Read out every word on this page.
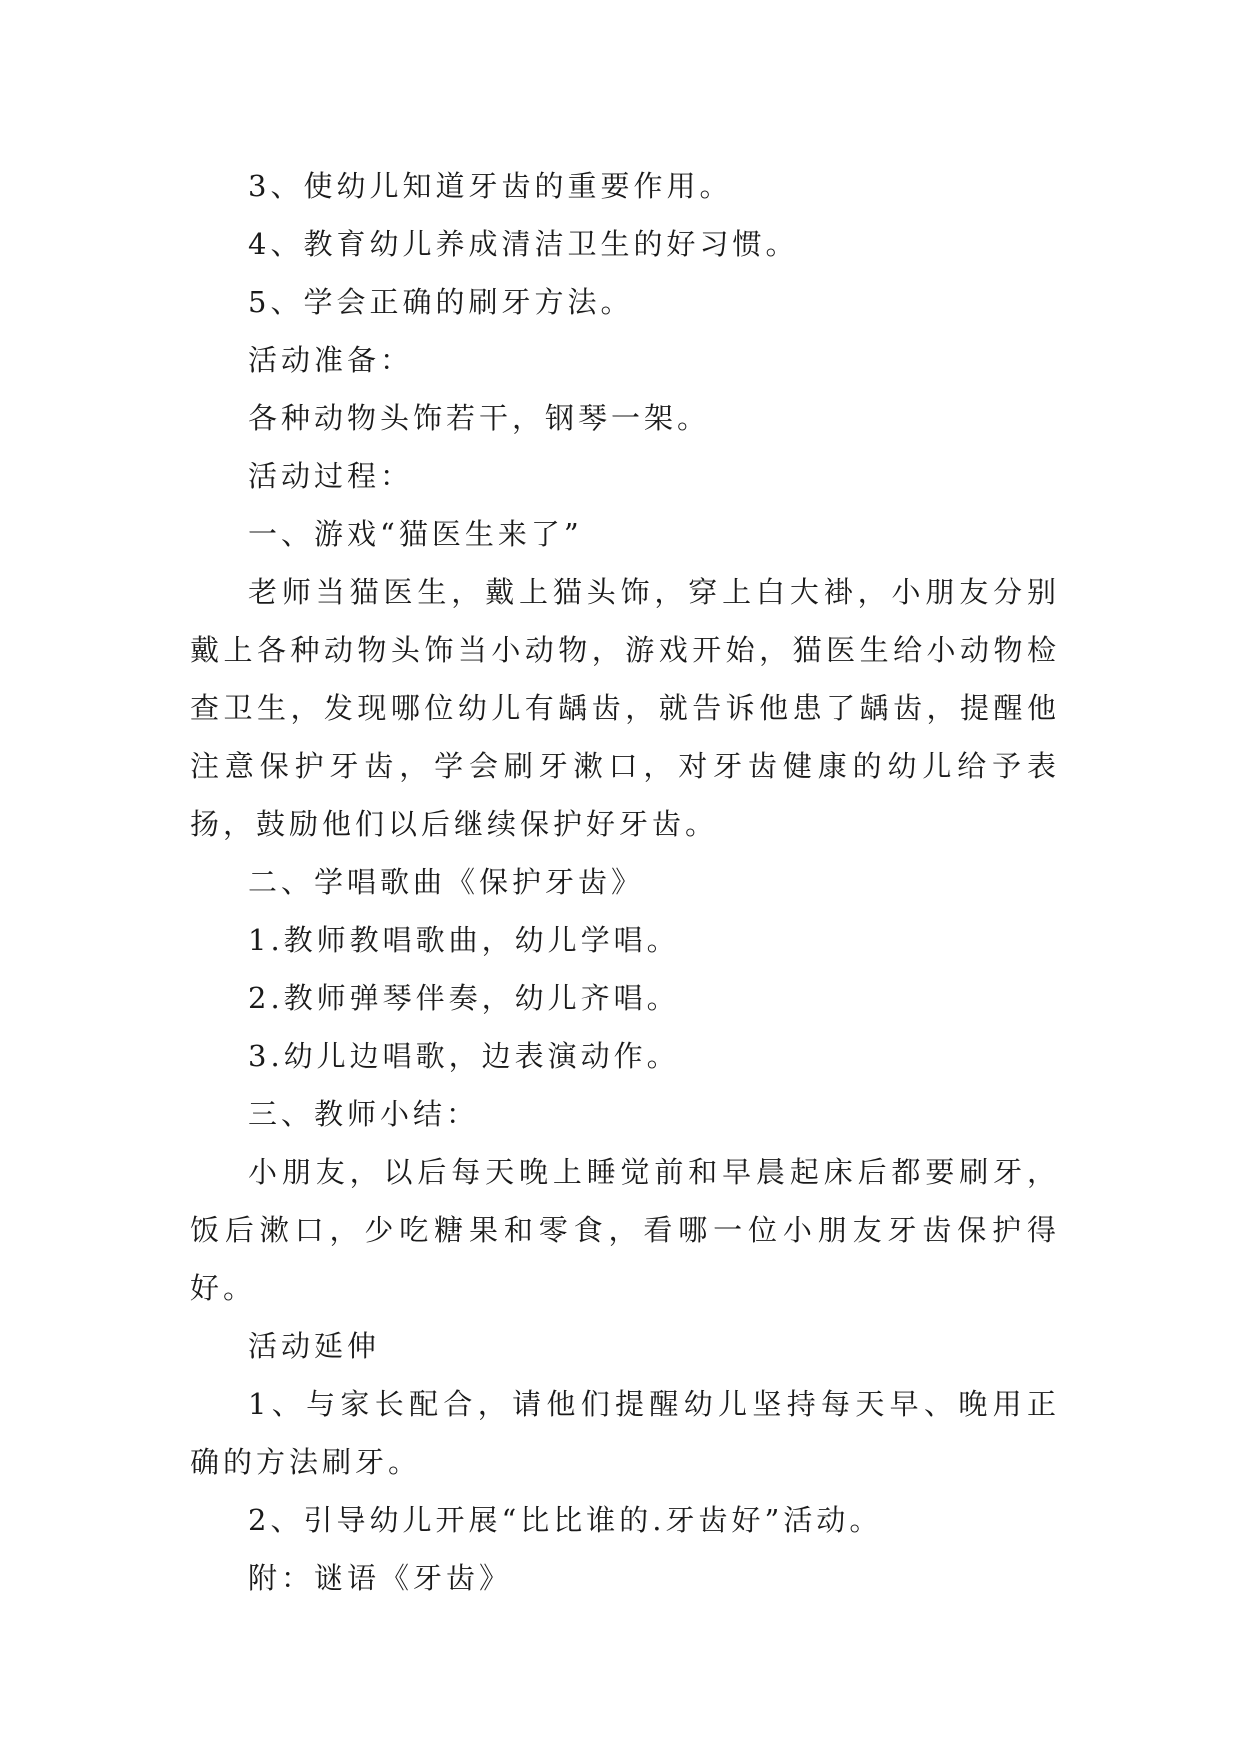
3、使幼儿知道牙齿的重要作用。

4、教育幼儿养成清洁卫生的好习惯。

5、学会正确的刷牙方法。

活动准备：

各种动物头饰若干，钢琴一架。

活动过程：

一、游戏“猫医生来了”

老师当猫医生，戴上猫头饰，穿上白大褂，小朋友分别戴上各种动物头饰当小动物，游戏开始，猫医生给小动物检查卫生，发现哪位幼儿有龋齿，就告诉他患了龋齿，提醒他注意保护牙齿，学会刷牙漱口，对牙齿健康的幼儿给予表扬，鼓励他们以后继续保护好牙齿。

二、学唱歌曲《保护牙齿》

1.教师教唱歌曲，幼儿学唱。

2.教师弹琴伴奏，幼儿齐唱。

3.幼儿边唱歌，边表演动作。

三、教师小结：

小朋友，以后每天晚上睡觉前和早晨起床后都要刷牙，饭后漱口，少吃糖果和零食，看哪一位小朋友牙齿保护得好。

活动延伸

1、与家长配合，请他们提醒幼儿坚持每天早、晚用正确的方法刷牙。

2、引导幼儿开展“比比谁的.牙齿好”活动。

附：谜语《牙齿》
